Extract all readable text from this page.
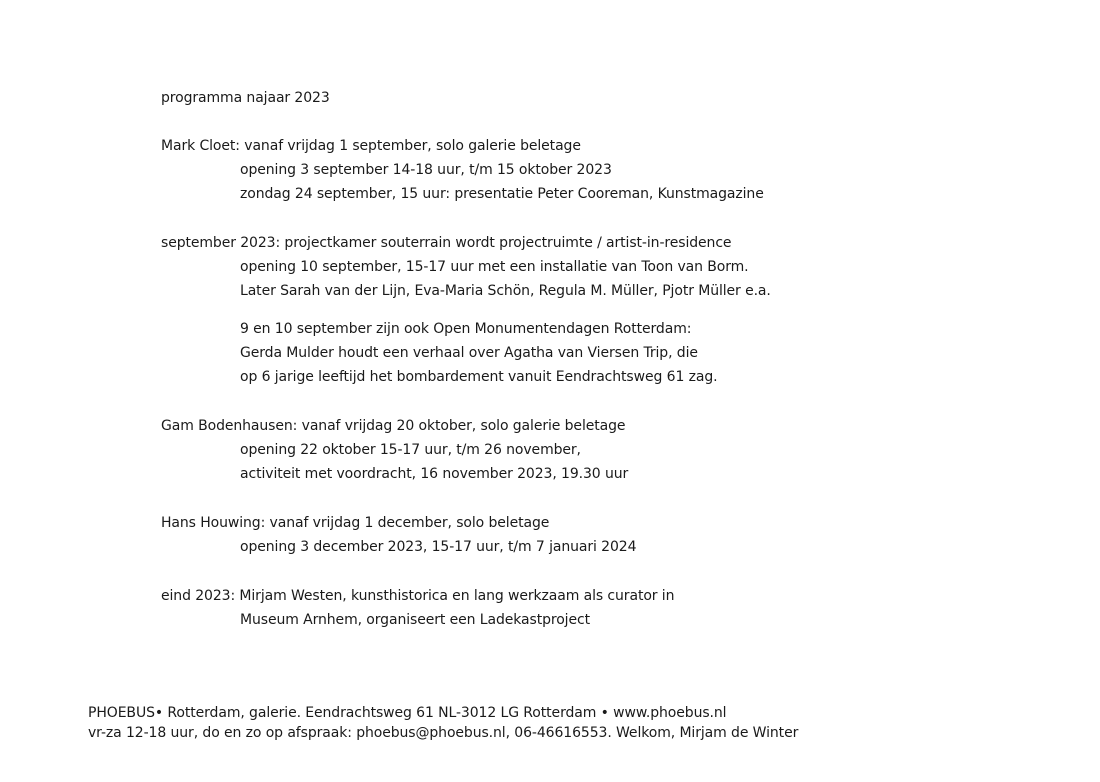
programma najaar 2023
Mark Cloet: vanaf vrijdag 1 september, solo galerie beletage
opening 3 september 14-18 uur, t/m 15 oktober 2023
zondag 24 september, 15 uur: presentatie Peter Cooreman, Kunstmagazine
september 2023: projectkamer souterrain wordt projectruimte / artist-in-residence
opening 10 september, 15-17 uur met een installatie van Toon van Borm.
Later Sarah van der Lijn, Eva-Maria Schön, Regula M. Müller, Pjotr Müller e.a.
9 en 10 september zijn ook Open Monumentendagen Rotterdam:
Gerda Mulder houdt een verhaal over Agatha van Viersen Trip, die
op 6 jarige leeftijd het bombardement vanuit Eendrachtsweg 61 zag.
Gam Bodenhausen: vanaf vrijdag 20 oktober, solo galerie beletage
opening 22 oktober 15-17 uur, t/m 26 november,
activiteit met voordracht, 16 november 2023, 19.30 uur
Hans Houwing: vanaf vrijdag 1 december, solo beletage
opening 3 december 2023, 15-17 uur, t/m 7 januari 2024
eind 2023: Mirjam Westen, kunsthistorica en lang werkzaam als curator in
Museum Arnhem, organiseert een Ladekastproject
PHOEBUS• Rotterdam, galerie. Eendrachtsweg 61 NL-3012 LG Rotterdam • www.phoebus.nl
vr-za 12-18 uur, do en zo op afspraak: phoebus@phoebus.nl, 06-46616553. Welkom, Mirjam de Winter
